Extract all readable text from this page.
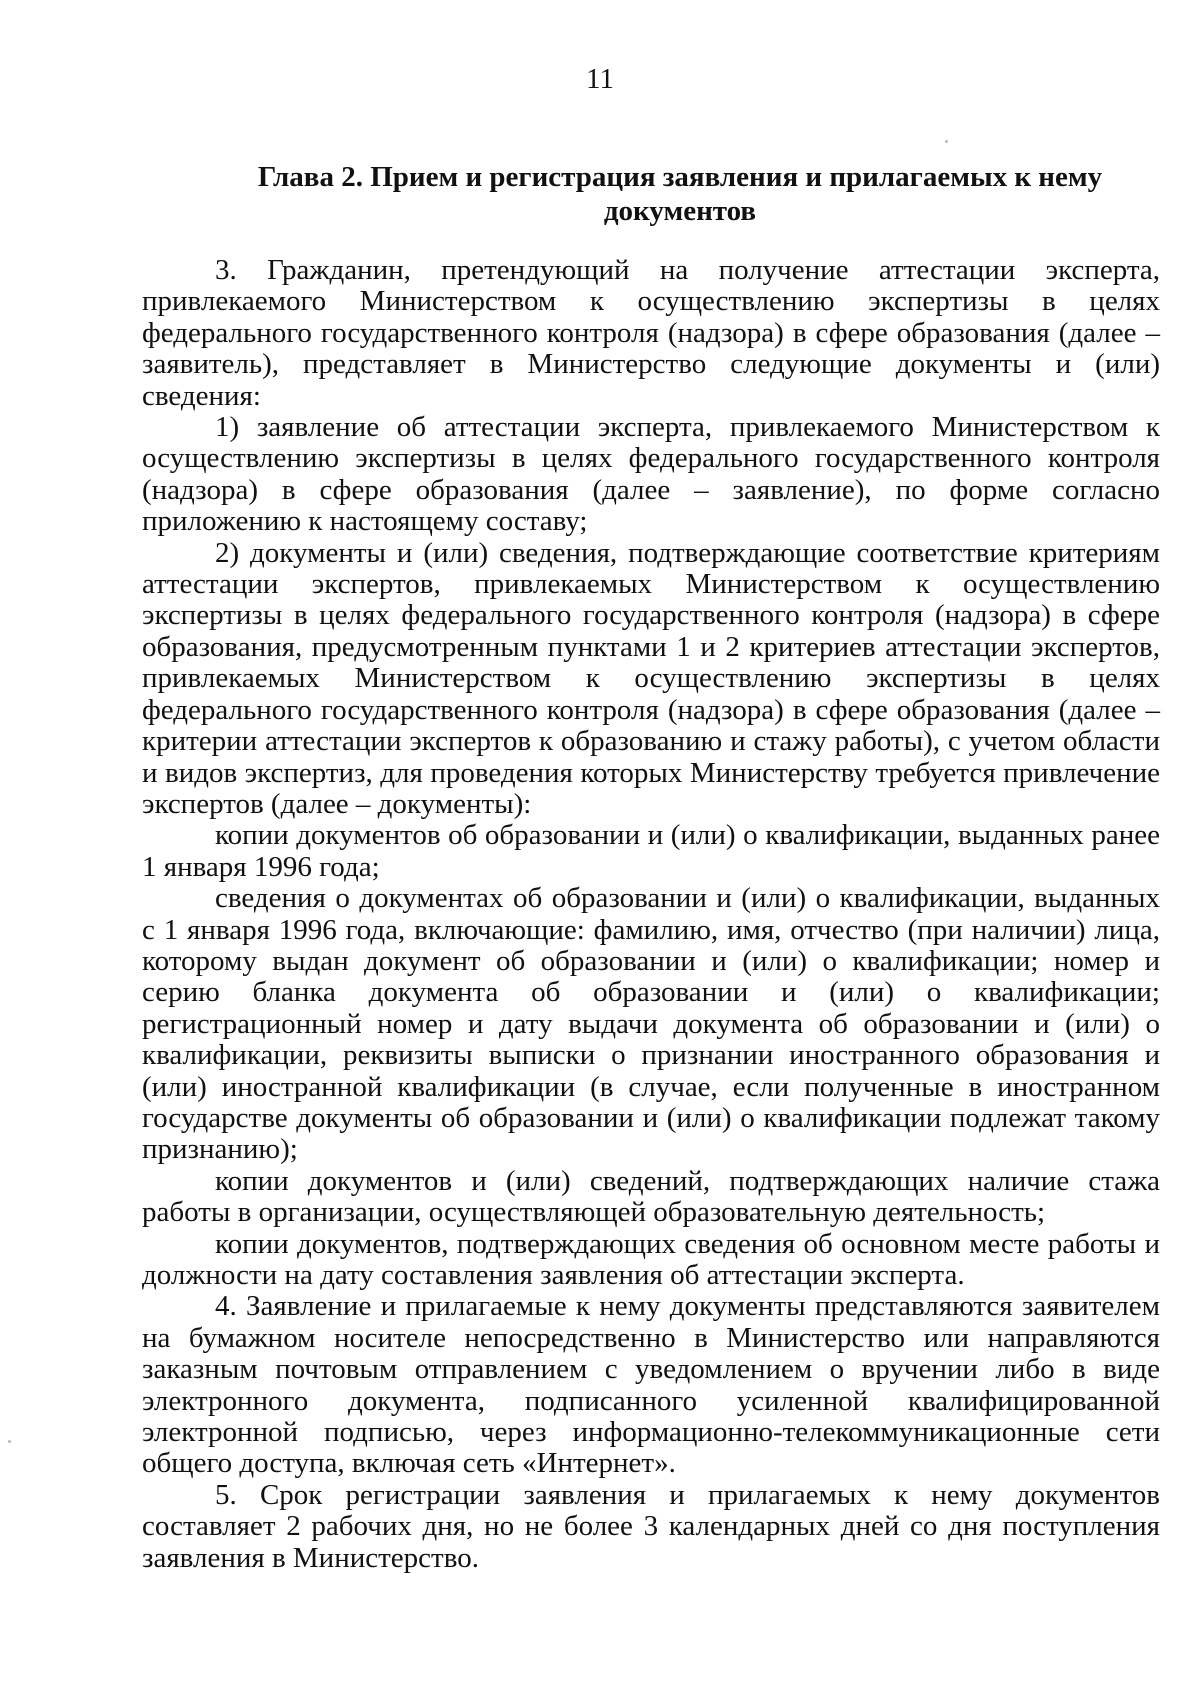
11
Глава 2. Прием и регистрация заявления и прилагаемых к нему документов

3. Гражданин, претендующий на получение аттестации эксперта, привлекаемого Министерством к осуществлению экспертизы в целях федерального государственного контроля (надзора) в сфере образования (далее – заявитель), представляет в Министерство следующие документы и (или) сведения:

1) заявление об аттестации эксперта, привлекаемого Министерством к осуществлению экспертизы в целях федерального государственного контроля (надзора) в сфере образования (далее – заявление), по форме согласно приложению к настоящему составу;

2) документы и (или) сведения, подтверждающие соответствие критериям аттестации экспертов, привлекаемых Министерством к осуществлению экспертизы в целях федерального государственного контроля (надзора) в сфере образования, предусмотренным пунктами 1 и 2 критериев аттестации экспертов, привлекаемых Министерством к осуществлению экспертизы в целях федерального государственного контроля (надзора) в сфере образования (далее – критерии аттестации экспертов к образованию и стажу работы), с учетом области и видов экспертиз, для проведения которых Министерству требуется привлечение экспертов (далее – документы):

копии документов об образовании и (или) о квалификации, выданных ранее 1 января 1996 года;

сведения о документах об образовании и (или) о квалификации, выданных с 1 января 1996 года, включающие: фамилию, имя, отчество (при наличии) лица, которому выдан документ об образовании и (или) о квалификации; номер и серию бланка документа об образовании и (или) о квалификации; регистрационный номер и дату выдачи документа об образовании и (или) о квалификации, реквизиты выписки о признании иностранного образования и (или) иностранной квалификации (в случае, если полученные в иностранном государстве документы об образовании и (или) о квалификации подлежат такому признанию);

копии документов и (или) сведений, подтверждающих наличие стажа работы в организации, осуществляющей образовательную деятельность;

копии документов, подтверждающих сведения об основном месте работы и должности на дату составления заявления об аттестации эксперта.

4. Заявление и прилагаемые к нему документы представляются заявителем на бумажном носителе непосредственно в Министерство или направляются заказным почтовым отправлением с уведомлением о вручении либо в виде электронного документа, подписанного усиленной квалифицированной электронной подписью, через информационно-телекоммуникационные сети общего доступа, включая сеть «Интернет».

5. Срок регистрации заявления и прилагаемых к нему документов составляет 2 рабочих дня, но не более 3 календарных дней со дня поступления заявления в Министерство.
